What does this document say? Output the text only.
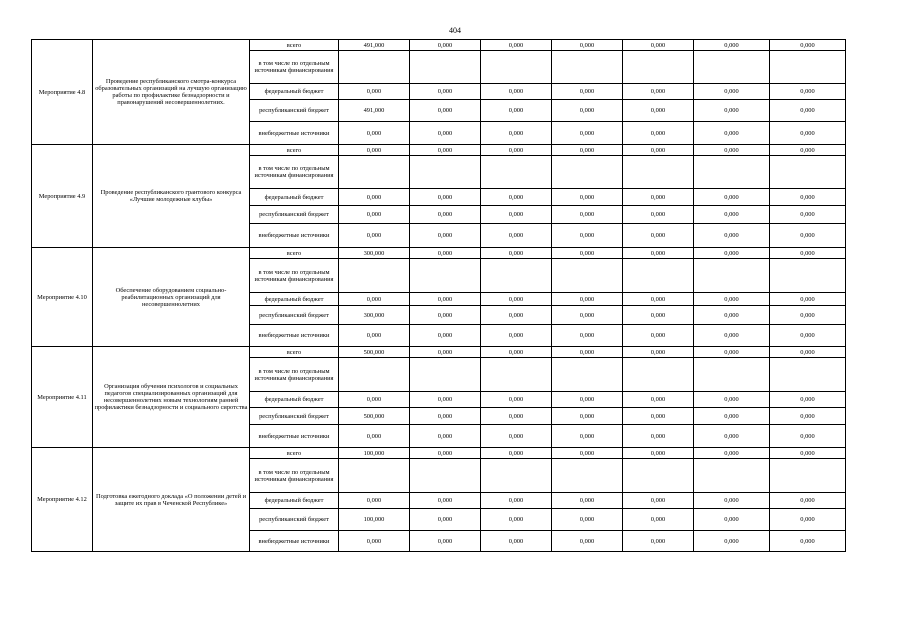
404
Мероприятие 4.8	Проведение республиканского смотра-конкурса образовательных организаций на лучшую организацию работы по профилактике безнадзорности и правонарушений несовершеннолетних.	всего	491,000	0,000	0,000	0,000	0,000	0,000	0,000
		в том числе по отдельным источникам финансирования							
		федеральный бюджет	0,000	0,000	0,000	0,000	0,000	0,000	0,000
		республиканский бюджет	491,000	0,000	0,000	0,000	0,000	0,000	0,000
		внебюджетные источники	0,000	0,000	0,000	0,000	0,000	0,000	0,000
Мероприятие 4.9	Проведение республиканского грантового конкурса «Лучшие молодежные клубы»	всего	0,000	0,000	0,000	0,000	0,000	0,000	0,000
		в том числе по отдельным источникам финансирования							
		федеральный бюджет	0,000	0,000	0,000	0,000	0,000	0,000	0,000
		республиканский бюджет	0,000	0,000	0,000	0,000	0,000	0,000	0,000
		внебюджетные источники	0,000	0,000	0,000	0,000	0,000	0,000	0,000
Мероприятие 4.10	Обеспечение оборудованием социально-реабилитационных организаций для несовершеннолетних	всего	300,000	0,000	0,000	0,000	0,000	0,000	0,000
		в том числе по отдельным источникам финансирования							
		федеральный бюджет	0,000	0,000	0,000	0,000	0,000	0,000	0,000
		республиканский бюджет	300,000	0,000	0,000	0,000	0,000	0,000	0,000
		внебюджетные источники	0,000	0,000	0,000	0,000	0,000	0,000	0,000
Мероприятие 4.11	Организация обучения психологов и социальных педагогов специализированных организаций для несовершеннолетних новым технологиям ранней профилактики безнадзорности и социального сиротства	всего	500,000	0,000	0,000	0,000	0,000	0,000	0,000
		в том числе по отдельным источникам финансирования							
		федеральный бюджет	0,000	0,000	0,000	0,000	0,000	0,000	0,000
		республиканский бюджет	500,000	0,000	0,000	0,000	0,000	0,000	0,000
		внебюджетные источники	0,000	0,000	0,000	0,000	0,000	0,000	0,000
Мероприятие 4.12	Подготовка ежегодного доклада «О положении детей и защите их прав в Чеченской Республике»	всего	100,000	0,000	0,000	0,000	0,000	0,000	0,000
		в том числе по отдельным источникам финансирования							
		федеральный бюджет	0,000	0,000	0,000	0,000	0,000	0,000	0,000
		республиканский бюджет	100,000	0,000	0,000	0,000	0,000	0,000	0,000
		внебюджетные источники	0,000	0,000	0,000	0,000	0,000	0,000	0,000
